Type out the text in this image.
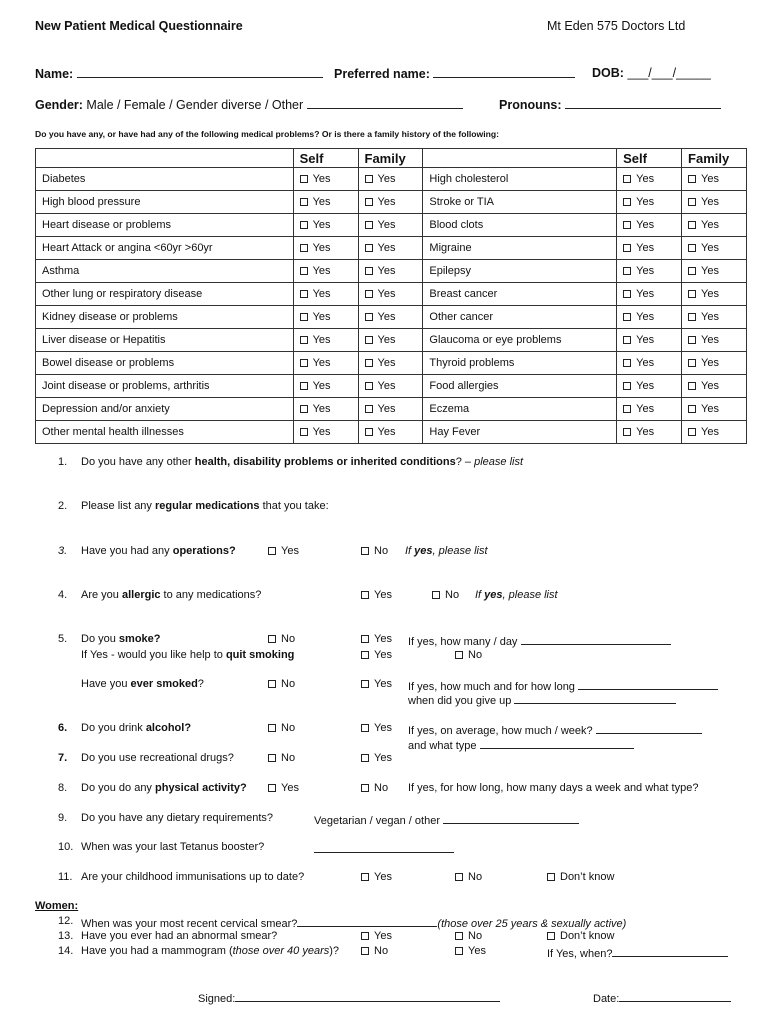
New Patient Medical Questionnaire	Mt Eden 575 Doctors Ltd
Name:	Preferred name:	DOB: ___/___/_____
Gender: Male / Female / Gender diverse / Other	Pronouns:
Do you have any, or have had any of the following medical problems? Or is there a family history of the following:
	Self	Family		Self	Family
Diabetes	Yes	Yes	High cholesterol	Yes	Yes
High blood pressure	Yes	Yes	Stroke or TIA	Yes	Yes
Heart disease or problems	Yes	Yes	Blood clots	Yes	Yes
Heart Attack or angina <60yr >60yr	Yes	Yes	Migraine	Yes	Yes
Asthma	Yes	Yes	Epilepsy	Yes	Yes
Other lung or respiratory disease	Yes	Yes	Breast cancer	Yes	Yes
Kidney disease or problems	Yes	Yes	Other cancer	Yes	Yes
Liver disease or Hepatitis	Yes	Yes	Glaucoma or eye problems	Yes	Yes
Bowel disease or problems	Yes	Yes	Thyroid problems	Yes	Yes
Joint disease or problems, arthritis	Yes	Yes	Food allergies	Yes	Yes
Depression and/or anxiety	Yes	Yes	Eczema	Yes	Yes
Other mental health illnesses	Yes	Yes	Hay Fever	Yes	Yes
1. Do you have any other health, disability problems or inherited conditions? – please list
2. Please list any regular medications that you take:
3. Have you had any operations?	Yes	No If yes, please list
4. Are you allergic to any medications?	Yes	No If yes, please list
5. Do you smoke?	No	Yes If yes, how many / day
If Yes - would you like help to quit smoking	Yes	No
Have you ever smoked?	No	Yes If yes, how much and for how long
when did you give up
6. Do you drink alcohol?	No	Yes If yes, on average, how much / week?
and what type
7. Do you use recreational drugs?	No	Yes
8. Do you do any physical activity?	Yes	No If yes, for how long, how many days a week and what type?
9. Do you have any dietary requirements?	Vegetarian / vegan / other
10. When was your last Tetanus booster?
11. Are your childhood immunisations up to date?	Yes	No	Don’t know
Women:
12. When was your most recent cervical smear?	(those over 25 years & sexually active)
13. Have you ever had an abnormal smear?	Yes	No	Don’t know
14. Have you had a mammogram (those over 40 years)?	No	Yes	If Yes, when?
Signed:	Date:
